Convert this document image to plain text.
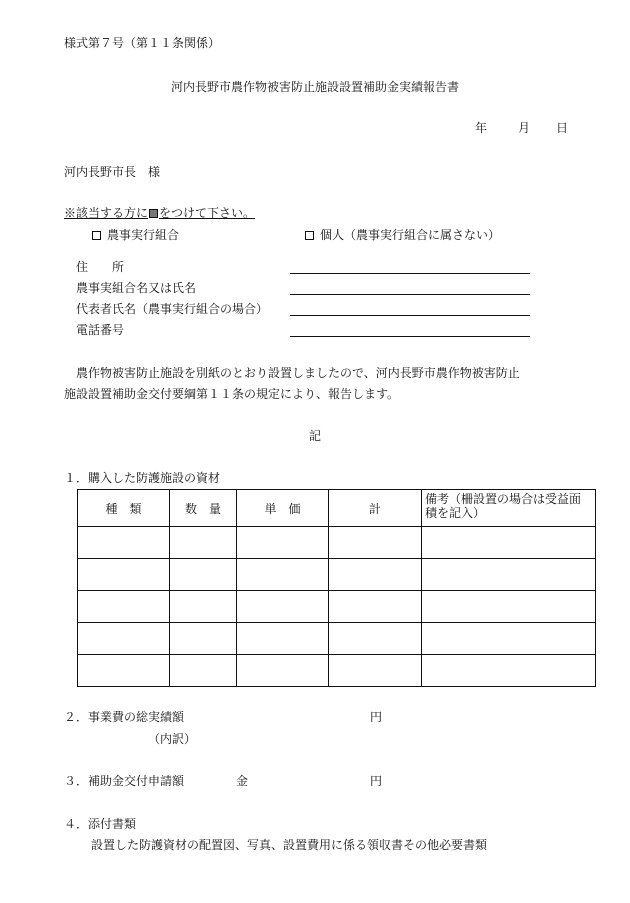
様式第７号（第１１条関係）
河内長野市農作物被害防止施設設置補助金実績報告書
年	月 日
河内長野市長　様
※該当する方に をつけて下さい。
農事実行組合	個人（農事実行組合に属さない）
住　　所
農事実組合名又は氏名
代表者氏名（農事実行組合の場合）
電話番号
農作物被害防止施設を別紙のとおり設置しましたので、河内長野市農作物被害防止
施設設置補助金交付要綱第１１条の規定により、報告します。
記
１．購入した防護施設の資材
種　類	数　量	単　価	計	備考（柵設置の場合は受益面積を記入）

２．事業費の総実績額	円
（内訳）
３．補助金交付申請額	金	円
４．添付書類
設置した防護資材の配置図、写真、設置費用に係る領収書その他必要書類
